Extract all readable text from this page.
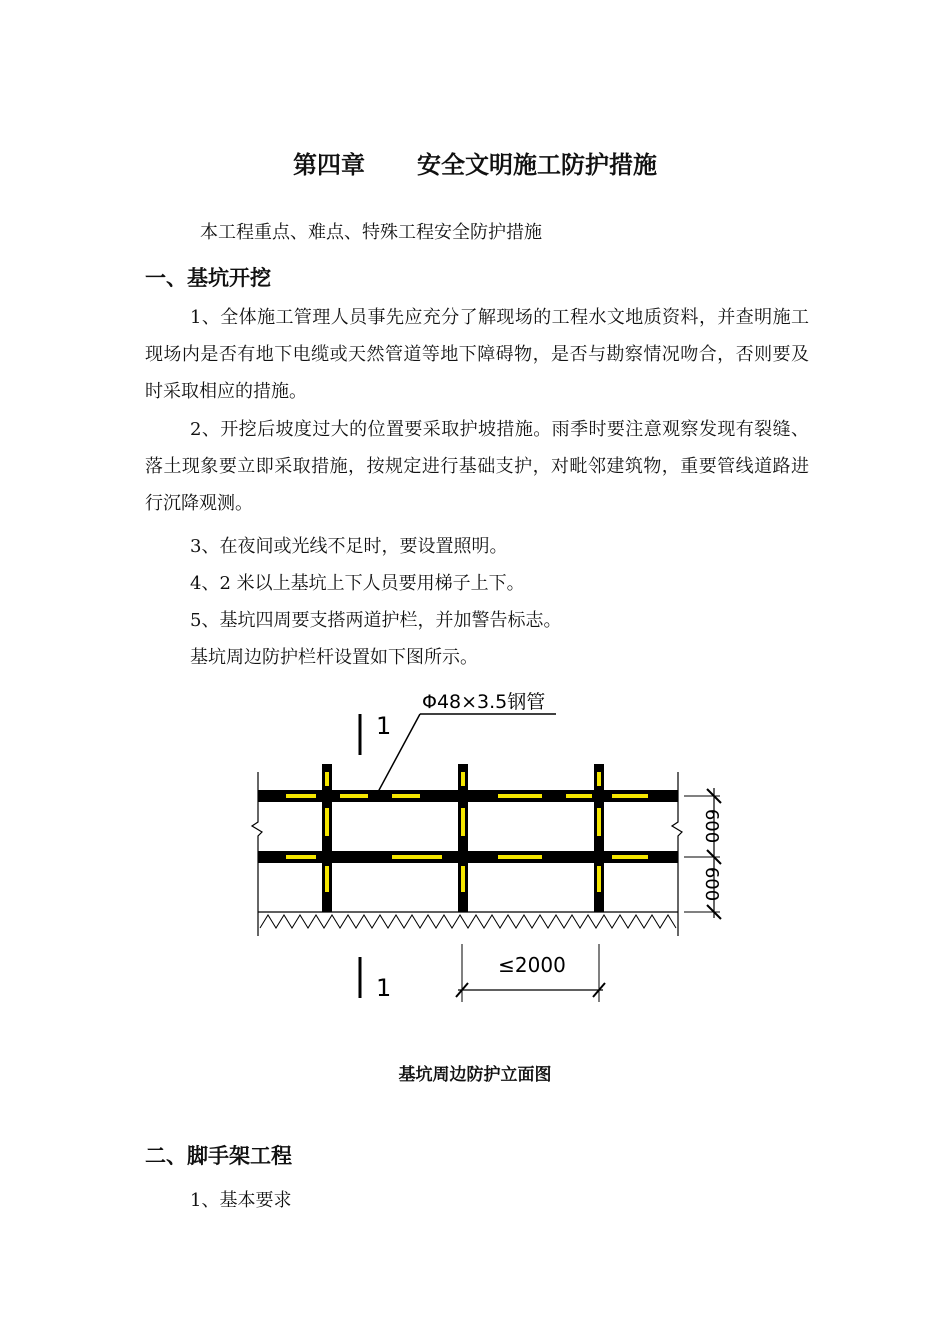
第四章 安全文明施工防护措施
本工程重点、难点、特殊工程安全防护措施
一、基坑开挖

1、全体施工管理人员事先应充分了解现场的工程水文地质资料，并查明施工现场内是否有地下电缆或天然管道等地下障碍物，是否与勘察情况吻合，否则要及时采取相应的措施。

2、开挖后坡度过大的位置要采取护坡措施。雨季时要注意观察发现有裂缝、落土现象要立即采取措施，按规定进行基础支护，对毗邻建筑物，重要管线道路进行沉降观测。

3、在夜间或光线不足时，要设置照明。
4、2 米以上基坑上下人员要用梯子上下。
5、基坑四周要支搭两道护栏，并加警告标志。
基坑周边防护栏杆设置如下图所示。
1
1
Φ48×3.5钢管
600
600
≤2000
基坑周边防护立面图
二、脚手架工程
1、基本要求
